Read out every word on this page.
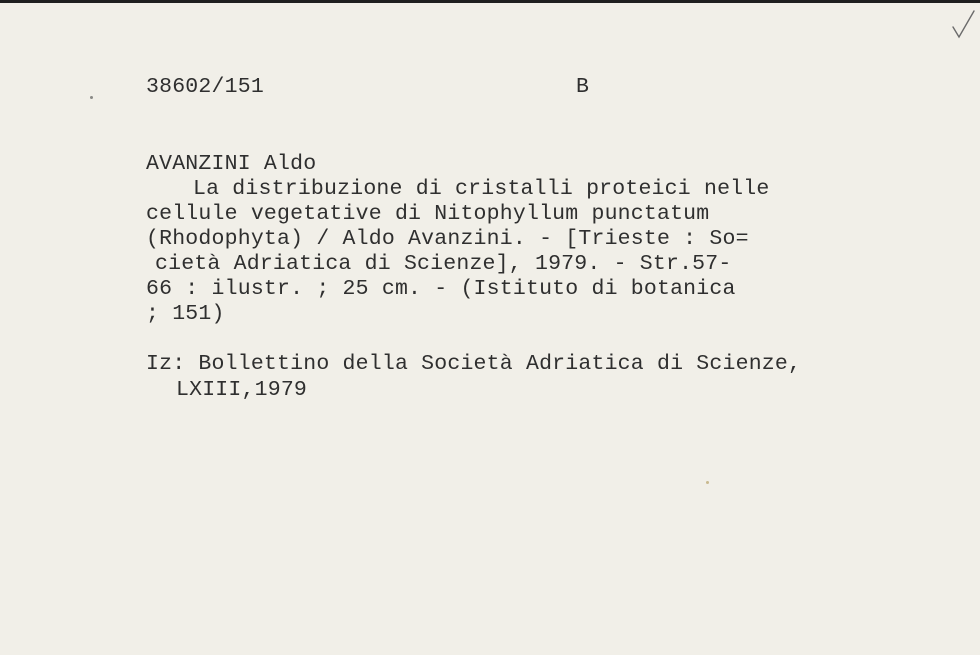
38602/151	B
AVANZINI Aldo
La distribuzione di cristalli proteici nelle
cellule vegetative di Nitophyllum punctatum
(Rhodophyta) / Aldo Avanzini. - [Trieste : So=
cietà Adriatica di Scienze], 1979. - Str.57-
66 : ilustr. ; 25 cm. - (Istituto di botanica
; 151)
Iz: Bollettino della Società Adriatica di Scienze,
LXIII,1979
